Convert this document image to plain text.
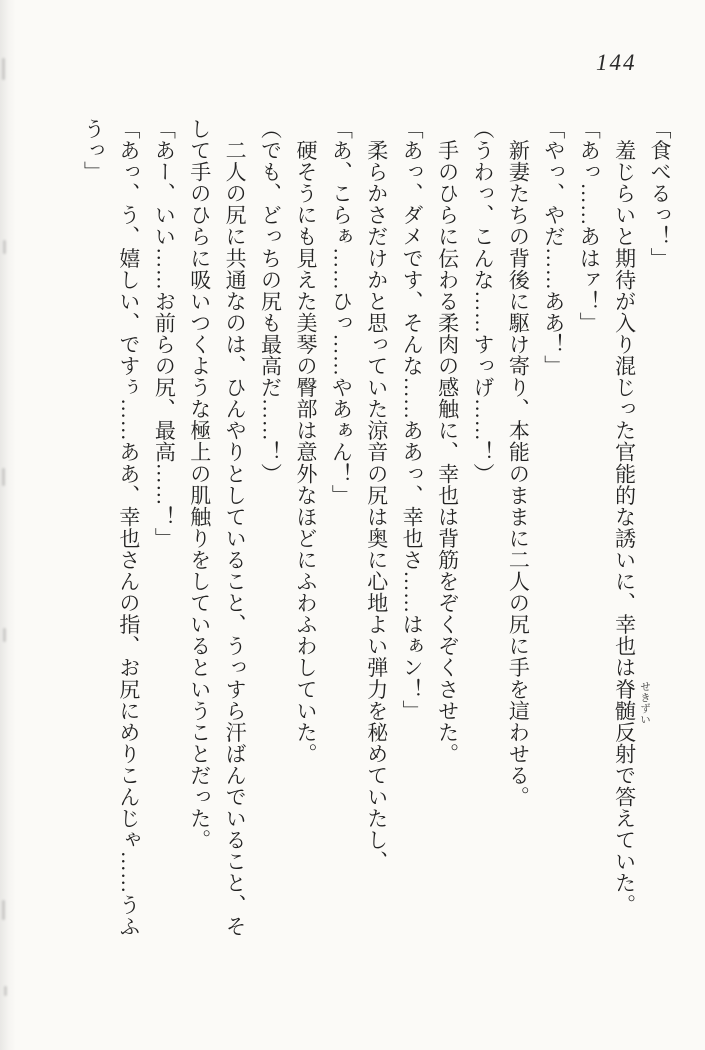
144

「食べるっ！」

　羞じらいと期待が入り混じった官能的な誘いに、幸也は脊髄反射で答えていた。

「あっ……あはァ！」

「やっ、やだ……ああ！」

　新妻たちの背後に駆け寄り、本能のままに二人の尻に手を這わせる。

（うわっ、こんな……すっげ……！）

　手のひらに伝わる柔肉の感触に、幸也は背筋をぞくぞくさせた。

「あっ、ダメです、そんな……ああっ、幸也さ……はぁン！」

　柔らかさだけかと思っていた涼音の尻は奥に心地よい弾力を秘めていたし、

「あ、こらぁ……ひっ……やあぁん！」

　硬そうにも見えた美琴の臀部は意外なほどにふわふわしていた。

（でも、どっちの尻も最高だ……！）

　二人の尻に共通なのは、ひんやりとしていること、うっすら汗ばんでいること、そ

して手のひらに吸いつくような極上の肌触りをしているということだった。

「あー、いい……お前らの尻、最高……！」

「あっ、う、嬉しい、ですぅ……ああ、幸也さんの指、お尻にめりこんじゃ……うふ

うっ」

せきずい
